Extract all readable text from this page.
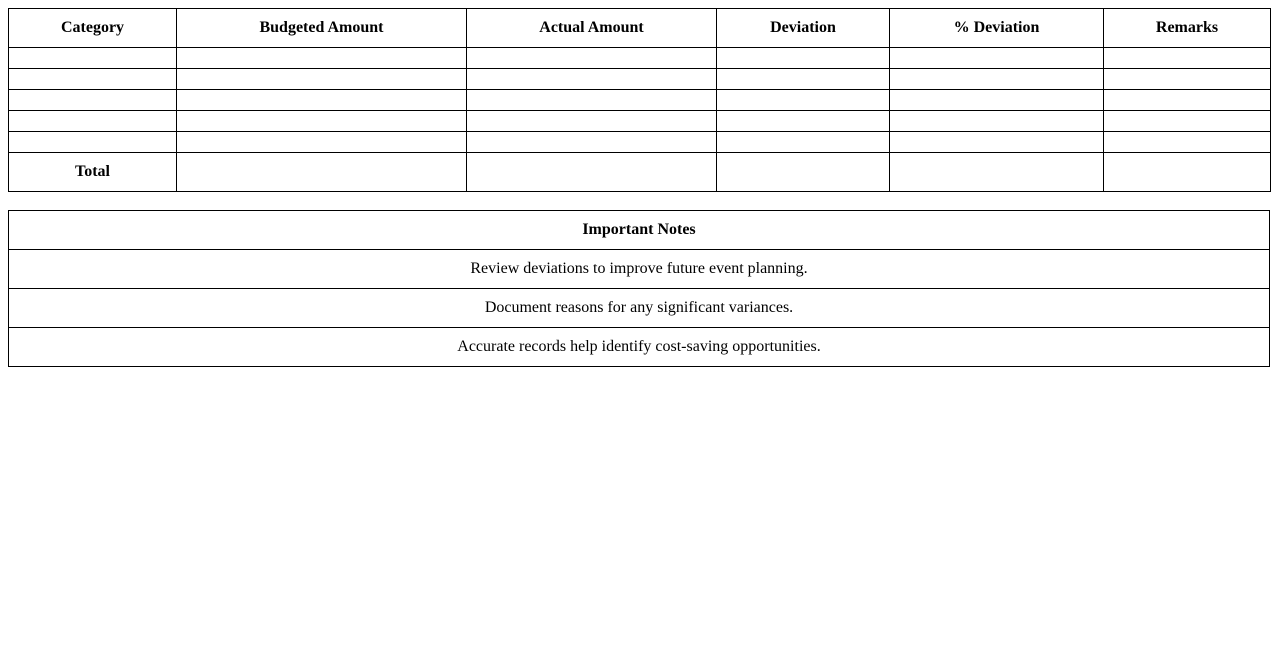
Category	Budgeted Amount	Actual Amount	Deviation	% Deviation	Remarks

Total					
Important Notes
Review deviations to improve future event planning.
Document reasons for any significant variances.
Accurate records help identify cost-saving opportunities.
